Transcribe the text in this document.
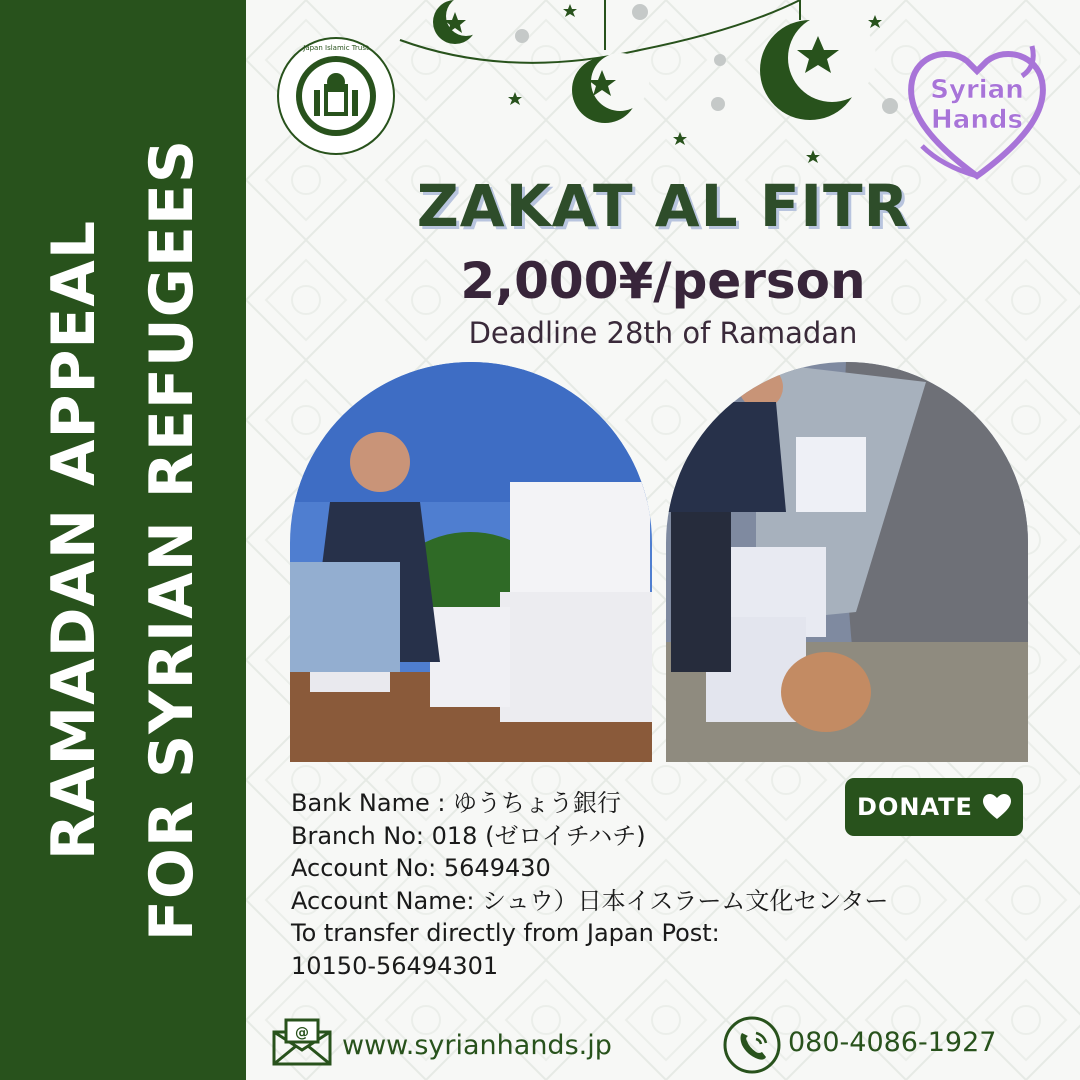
RAMADAN APPEAL FOR SYRIAN REFUGEES
Japan Islamic Trust
Syrian
Hands
ZAKAT AL FITR
2,000¥/person
Deadline 28th of Ramadan
Bank Name : ゆうちょう銀行
Branch No: 018 (ゼロイチハチ)
Account No: 5649430
Account Name: シュウ）日本イスラーム文化センター
To transfer directly from Japan Post:
10150-56494301
DONATE
@ www.syrianhands.jp	080-4086-1927
